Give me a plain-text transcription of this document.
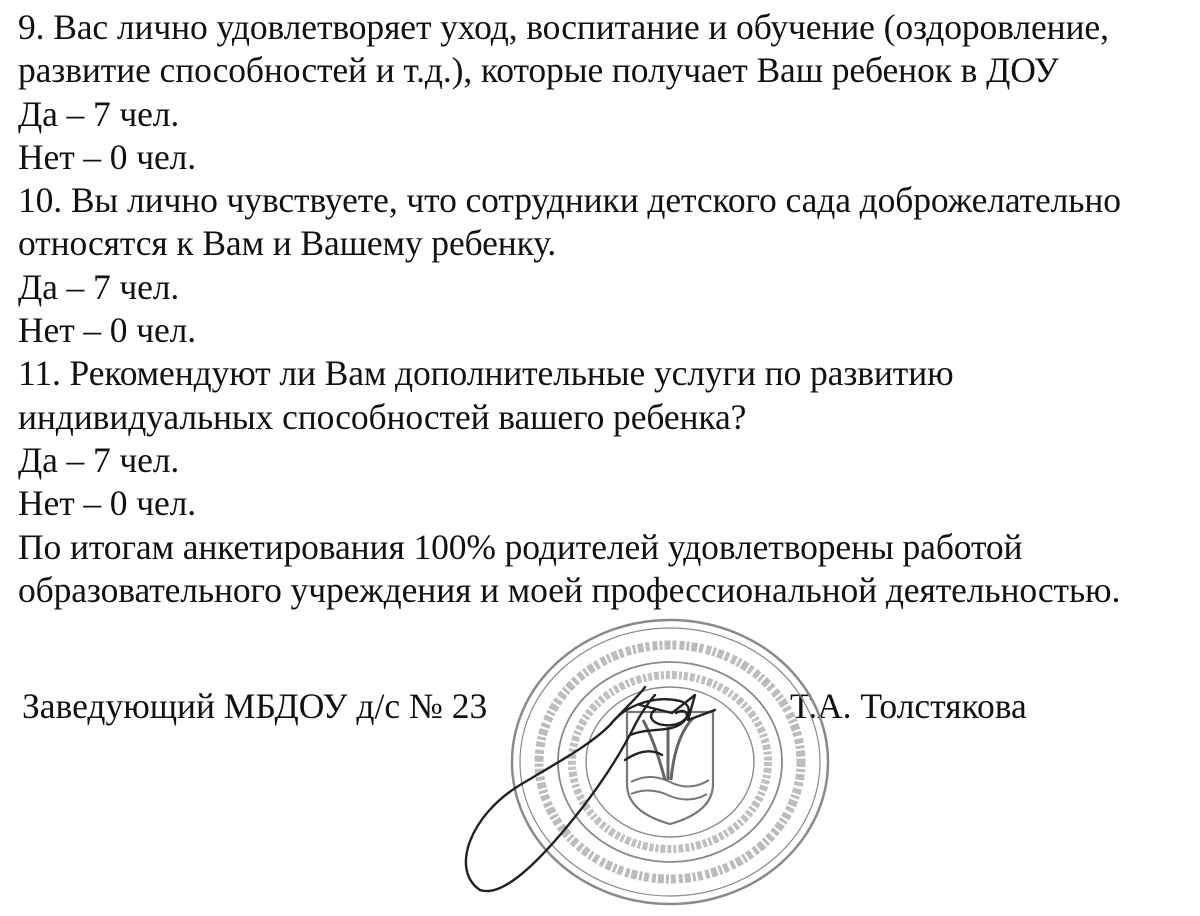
9. Вас лично удовлетворяет уход, воспитание и обучение (оздоровление,
развитие способностей и т.д.), которые получает Ваш ребенок в ДОУ
Да – 7 чел.
Нет – 0 чел.
10. Вы лично чувствуете, что сотрудники детского сада доброжелательно
относятся к Вам и Вашему ребенку.
Да – 7 чел.
Нет – 0 чел.
11. Рекомендуют ли Вам дополнительные услуги по развитию
индивидуальных способностей вашего ребенка?
Да – 7 чел.
Нет – 0 чел.
По итогам анкетирования 100% родителей удовлетворены работой
образовательного учреждения и моей профессиональной деятельностью.
Заведующий МБДОУ д/с № 23	Т.А. Толстякова
